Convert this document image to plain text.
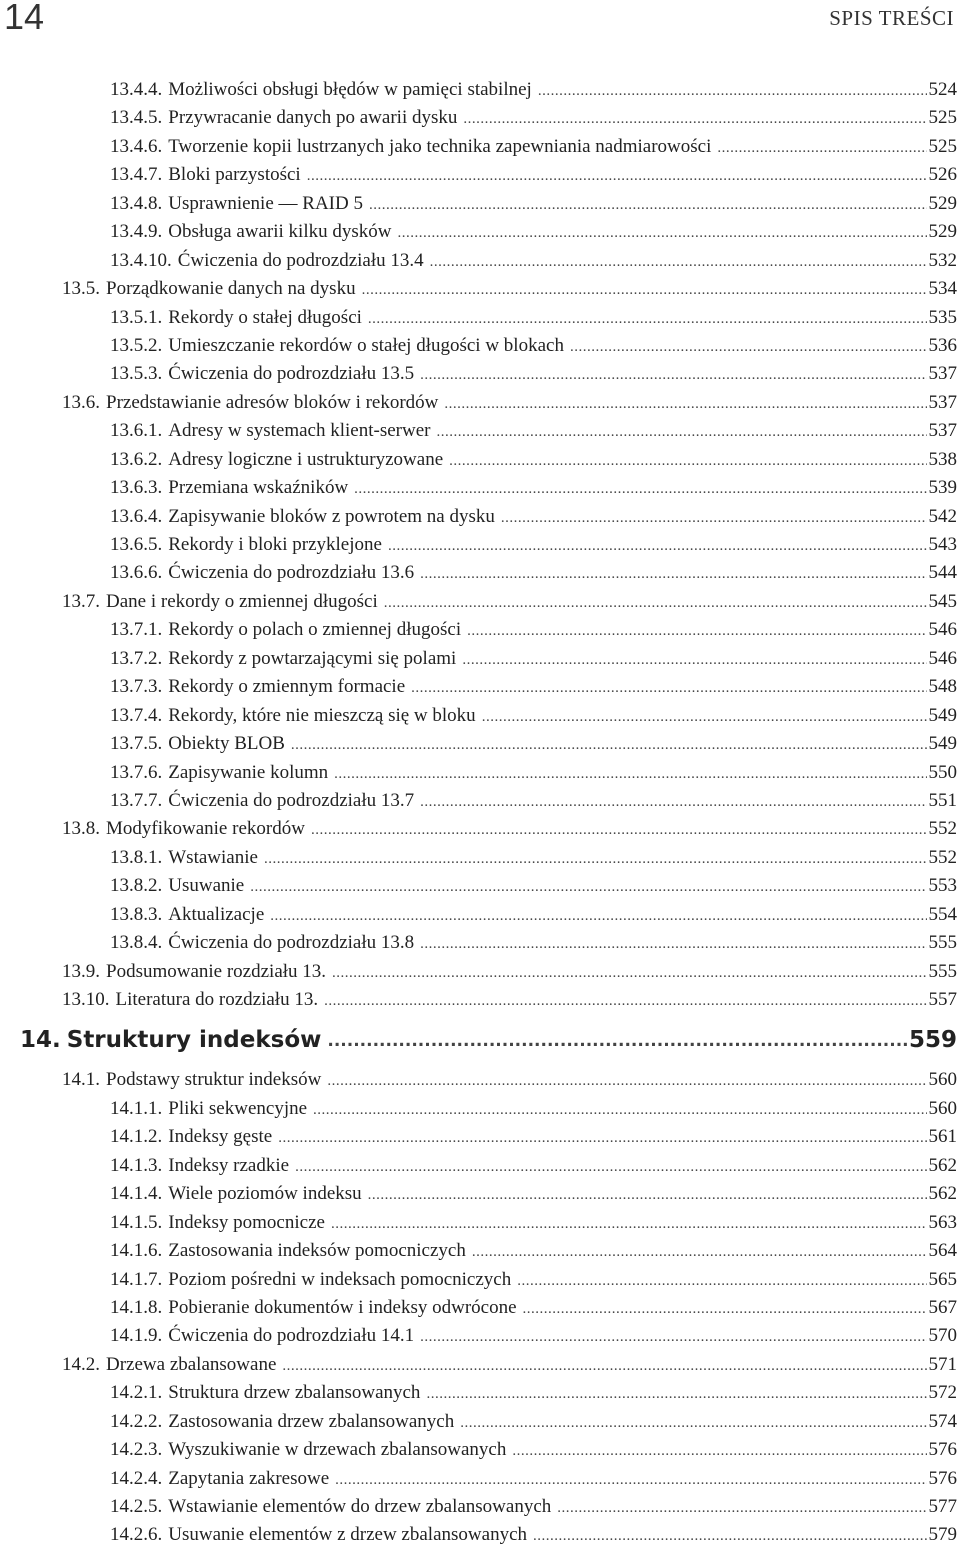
14	SPIS TREŚCI
13.4.4. Możliwości obsługi błędów w pamięci stabilnej .....	524
13.4.5. Przywracanie danych po awarii dysku .....	525
13.4.6. Tworzenie kopii lustrzanych jako technika zapewniania nadmiarowości .....	525
13.4.7. Bloki parzystości .....	526
13.4.8. Usprawnienie — RAID 5 .....	529
13.4.9. Obsługa awarii kilku dysków .....	529
13.4.10. Ćwiczenia do podrozdziału 13.4 .....	532
13.5. Porządkowanie danych na dysku .....	534
13.5.1. Rekordy o stałej długości .....	535
13.5.2. Umieszczanie rekordów o stałej długości w blokach .....	536
13.5.3. Ćwiczenia do podrozdziału 13.5 .....	537
13.6. Przedstawianie adresów bloków i rekordów .....	537
13.6.1. Adresy w systemach klient-serwer .....	537
13.6.2. Adresy logiczne i ustrukturyzowane .....	538
13.6.3. Przemiana wskaźników .....	539
13.6.4. Zapisywanie bloków z powrotem na dysku .....	542
13.6.5. Rekordy i bloki przyklejone .....	543
13.6.6. Ćwiczenia do podrozdziału 13.6 .....	544
13.7. Dane i rekordy o zmiennej długości .....	545
13.7.1. Rekordy o polach o zmiennej długości .....	546
13.7.2. Rekordy z powtarzającymi się polami .....	546
13.7.3. Rekordy o zmiennym formacie .....	548
13.7.4. Rekordy, które nie mieszczą się w bloku .....	549
13.7.5. Obiekty BLOB .....	549
13.7.6. Zapisywanie kolumn .....	550
13.7.7. Ćwiczenia do podrozdziału 13.7 .....	551
13.8. Modyfikowanie rekordów .....	552
13.8.1. Wstawianie .....	552
13.8.2. Usuwanie .....	553
13.8.3. Aktualizacje .....	554
13.8.4. Ćwiczenia do podrozdziału 13.8 .....	555
13.9. Podsumowanie rozdziału 13. .....	555
13.10. Literatura do rozdziału 13. .....	557
14. Struktury indeksów .....	559
14.1. Podstawy struktur indeksów .....	560
14.1.1. Pliki sekwencyjne .....	560
14.1.2. Indeksy gęste .....	561
14.1.3. Indeksy rzadkie .....	562
14.1.4. Wiele poziomów indeksu .....	562
14.1.5. Indeksy pomocnicze .....	563
14.1.6. Zastosowania indeksów pomocniczych .....	564
14.1.7. Poziom pośredni w indeksach pomocniczych .....	565
14.1.8. Pobieranie dokumentów i indeksy odwrócone .....	567
14.1.9. Ćwiczenia do podrozdziału 14.1 .....	570
14.2. Drzewa zbalansowane .....	571
14.2.1. Struktura drzew zbalansowanych .....	572
14.2.2. Zastosowania drzew zbalansowanych .....	574
14.2.3. Wyszukiwanie w drzewach zbalansowanych .....	576
14.2.4. Zapytania zakresowe .....	576
14.2.5. Wstawianie elementów do drzew zbalansowanych .....	577
14.2.6. Usuwanie elementów z drzew zbalansowanych .....	579
